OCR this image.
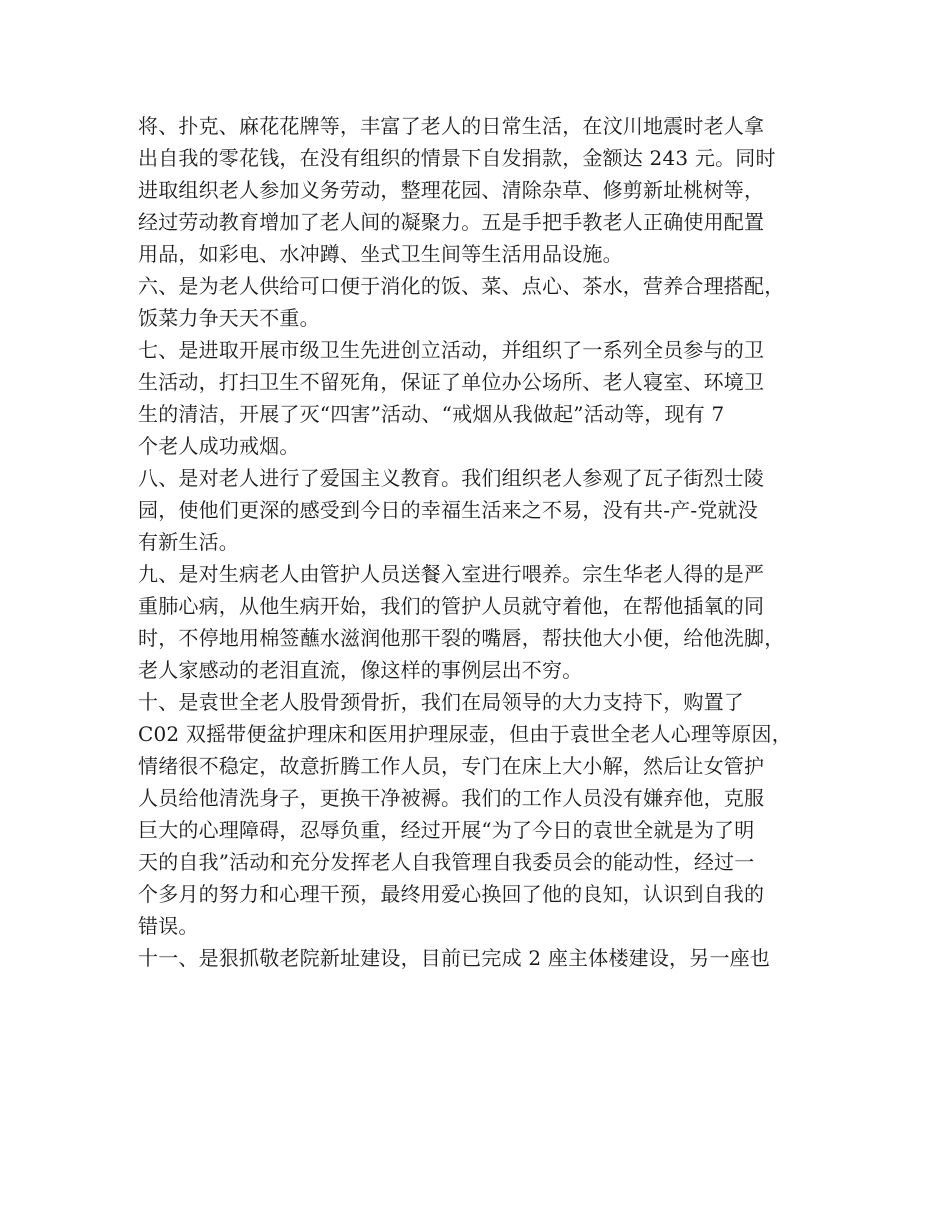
将、扑克、麻花花牌等，丰富了老人的日常生活，在汶川地震时老人拿
出自我的零花钱，在没有组织的情景下自发捐款，金额达 243 元。同时
进取组织老人参加义务劳动，整理花园、清除杂草、修剪新址桃树等，
经过劳动教育增加了老人间的凝聚力。五是手把手教老人正确使用配置
用品，如彩电、水冲蹲、坐式卫生间等生活用品设施。
六、是为老人供给可口便于消化的饭、菜、点心、茶水，营养合理搭配，
饭菜力争天天不重。
七、是进取开展市级卫生先进创立活动，并组织了一系列全员参与的卫
生活动，打扫卫生不留死角，保证了单位办公场所、老人寝室、环境卫
生的清洁，开展了灭“四害”活动、“戒烟从我做起”活动等，现有 7
个老人成功戒烟。
八、是对老人进行了爱国主义教育。我们组织老人参观了瓦子街烈士陵
园，使他们更深的感受到今日的幸福生活来之不易，没有共-产-党就没
有新生活。
九、是对生病老人由管护人员送餐入室进行喂养。宗生华老人得的是严
重肺心病，从他生病开始，我们的管护人员就守着他，在帮他插氧的同
时，不停地用棉签蘸水滋润他那干裂的嘴唇，帮扶他大小便，给他洗脚，
老人家感动的老泪直流，像这样的事例层出不穷。
十、是袁世全老人股骨颈骨折，我们在局领导的大力支持下，购置了
C02 双摇带便盆护理床和医用护理尿壶，但由于袁世全老人心理等原因，
情绪很不稳定，故意折腾工作人员，专门在床上大小解，然后让女管护
人员给他清洗身子，更换干净被褥。我们的工作人员没有嫌弃他，克服
巨大的心理障碍，忍辱负重，经过开展“为了今日的袁世全就是为了明
天的自我”活动和充分发挥老人自我管理自我委员会的能动性，经过一
个多月的努力和心理干预，最终用爱心换回了他的良知，认识到自我的
错误。
十一、是狠抓敬老院新址建设，目前已完成 2 座主体楼建设，另一座也
